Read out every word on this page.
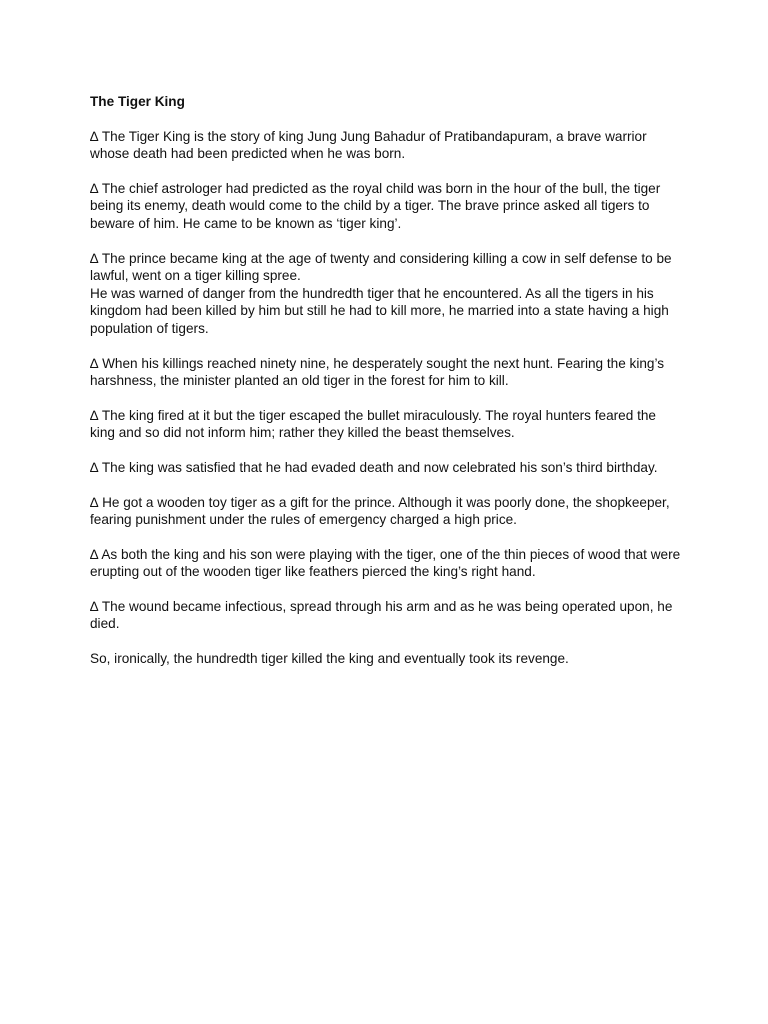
The Tiger King
∆ The Tiger King is the story of king Jung Jung Bahadur of Pratibandapuram, a brave warrior whose death had been predicted when he was born.
∆ The chief astrologer had predicted as the royal child was born in the hour of the bull, the tiger being its enemy, death would come to the child by a tiger. The brave prince asked all tigers to beware of him. He came to be known as ‘tiger king’.
∆ The prince became king at the age of twenty and considering killing a cow in self defense to be lawful, went on a tiger killing spree.
He was warned of danger from the hundredth tiger that he encountered. As all the tigers in his kingdom had been killed by him but still he had to kill more, he married into a state having a high population of tigers.
∆ When his killings reached ninety nine, he desperately sought the next hunt. Fearing the king’s harshness, the minister planted an old tiger in the forest for him to kill.
∆ The king fired at it but the tiger escaped the bullet miraculously. The royal hunters feared the king and so did not inform him; rather they killed the beast themselves.
∆ The king was satisfied that he had evaded death and now celebrated his son’s third birthday.
∆ He got a wooden toy tiger as a gift for the prince. Although it was poorly done, the shopkeeper, fearing punishment under the rules of emergency charged a high price.
∆ As both the king and his son were playing with the tiger, one of the thin pieces of wood that were erupting out of the wooden tiger like feathers pierced the king’s right hand.
∆ The wound became infectious, spread through his arm and as he was being operated upon, he died.
So, ironically, the hundredth tiger killed the king and eventually took its revenge.
